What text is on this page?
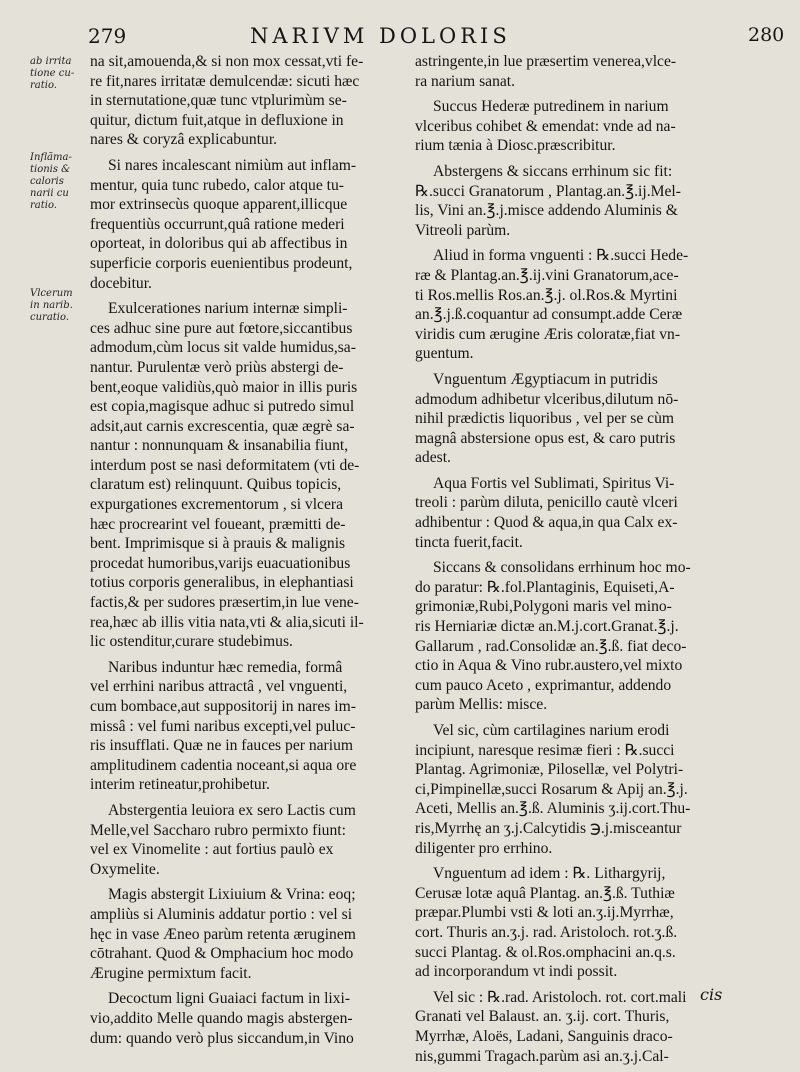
279	NARIVM DOLORIS	280
ab irrita
tione cu-
ratio.
Inflãma-
tionis &
caloris
narii cu
ratio.
Vlcerum
in narib.
curatio.
na sit,amouenda,& si non mox cessat,vti fe-
re fit,nares irritatæ demulcendæ: sicuti hæc
in sternutatione,quæ tunc vtplurimùm se-
quitur, dictum fuit,atque in defluxione in
nares & coryzâ explicabuntur.
Si nares incalescant nimiùm aut inflam-
mentur, quia tunc rubedo, calor atque tu-
mor extrinsecùs quoque apparent,illicque
frequentiùs occurrunt,quâ ratione mederi
oporteat, in doloribus qui ab affectibus in
superficie corporis euenientibus prodeunt,
docebitur.
Exulcerationes narium internæ simpli-
ces adhuc sine pure aut fœtore,siccantibus
admodum,cùm locus sit valde humidus,sa-
nantur. Purulentæ verò priùs abstergi de-
bent,eoque validiùs,quò maior in illis puris
est copia,magisque adhuc si putredo simul
adsit,aut carnis excrescentia, quæ ægrè sa-
nantur : nonnunquam & insanabilia fiunt,
interdum post se nasi deformitatem (vti de-
claratum est) relinquunt. Quibus topicis,
expurgationes excrementorum , si vlcera
hæc procrearint vel foueant, præmitti de-
bent. Imprimisque si à prauis & malignis
procedat humoribus,varijs euacuationibus
totius corporis generalibus, in elephantiasi
factis,& per sudores præsertim,in lue vene-
rea,hæc ab illis vitia nata,vti & alia,sicuti il-
lic ostenditur,curare studebimus.
Naribus induntur hæc remedia, formâ
vel errhini naribus attractâ , vel vnguenti,
cum bombace,aut suppositorij in nares im-
missâ : vel fumi naribus excepti,vel puluc-
ris insufflati. Quæ ne in fauces per narium
amplitudinem cadentia noceant,si aqua ore
interim retineatur,prohibetur.
Abstergentia leuiora ex sero Lactis cum
Melle,vel Saccharo rubro permixto fiunt:
vel ex Vinomelite : aut fortius paulò ex
Oxymelite.
Magis abstergit Lixiuium & Vrina: eoq;
ampliùs si Aluminis addatur portio : vel si
hęc in vase Æneo parùm retenta æruginem
cōtrahant. Quod & Omphacium hoc modo
Ærugine permixtum facit.
Decoctum ligni Guaiaci factum in lixi-
vio,addito Melle quando magis abstergen-
dum: quando verò plus siccandum,in Vino
astringente,in lue præsertim venerea,vlce-
ra narium sanat.
Succus Hederæ putredinem in narium
vlceribus cohibet & emendat: vnde ad na-
rium tænia à Diosc.præscribitur.
Abstergens & siccans errhinum sic fit:
℞.succi Granatorum , Plantag.an.℥.ij.Mel-
lis, Vini an.℥.j.misce addendo Aluminis &
Vitreoli parùm.
Aliud in forma vnguenti : ℞.succi Hede-
ræ & Plantag.an.℥.ij.vini Granatorum,ace-
ti Ros.mellis Ros.an.℥.j. ol.Ros.& Myrtini
an.℥.j.ß.coquantur ad consumpt.adde Ceræ
viridis cum ærugine Æris coloratæ,fiat vn-
guentum.
Vnguentum Ægyptiacum in putridis
admodum adhibetur vlceribus,dilutum nō-
nihil prædictis liquoribus , vel per se cùm
magnâ abstersione opus est, & caro putris
adest.
Aqua Fortis vel Sublimati, Spiritus Vi-
treoli : parùm diluta, penicillo cautè vlceri
adhibentur : Quod & aqua,in qua Calx ex-
tincta fuerit,facit.
Siccans & consolidans errhinum hoc mo-
do paratur: ℞.fol.Plantaginis, Equiseti,A-
grimoniæ,Rubi,Polygoni maris vel mino-
ris Herniariæ dictæ an.M.j.cort.Granat.℥.j.
Gallarum , rad.Consolidæ an.℥.ß. fiat deco-
ctio in Aqua & Vino rubr.austero,vel mixto
cum pauco Aceto , exprimantur, addendo
parùm Mellis: misce.
Vel sic, cùm cartilagines narium erodi
incipiunt, naresque resimæ fieri : ℞.succi
Plantag. Agrimoniæ, Pilosellæ, vel Polytri-
ci,Pimpinellæ,succi Rosarum & Apij an.℥.j.
Aceti, Mellis an.℥.ß. Aluminis ʒ.ij.cort.Thu-
ris,Myrrhę an ʒ.j.Calcytidis ℈.j.misceantur
diligenter pro errhino.
Vnguentum ad idem : ℞. Lithargyrij,
Cerusæ lotæ aquâ Plantag. an.℥.ß. Tuthiæ
præpar.Plumbi vsti & loti an.ʒ.ij.Myrrhæ,
cort. Thuris an.ʒ.j. rad. Aristoloch. rot.ʒ.ß.
succi Plantag. & ol.Ros.omphacini an.q.s.
ad incorporandum vt indi possit.
Vel sic : ℞.rad. Aristoloch. rot. cort.mali
Granati vel Balaust. an. ʒ.ij. cort. Thuris,
Myrrhæ, Aloës, Ladani, Sanguinis draco-
nis,gummi Tragach.parùm asi an.ʒ.j.Cal-
cis
